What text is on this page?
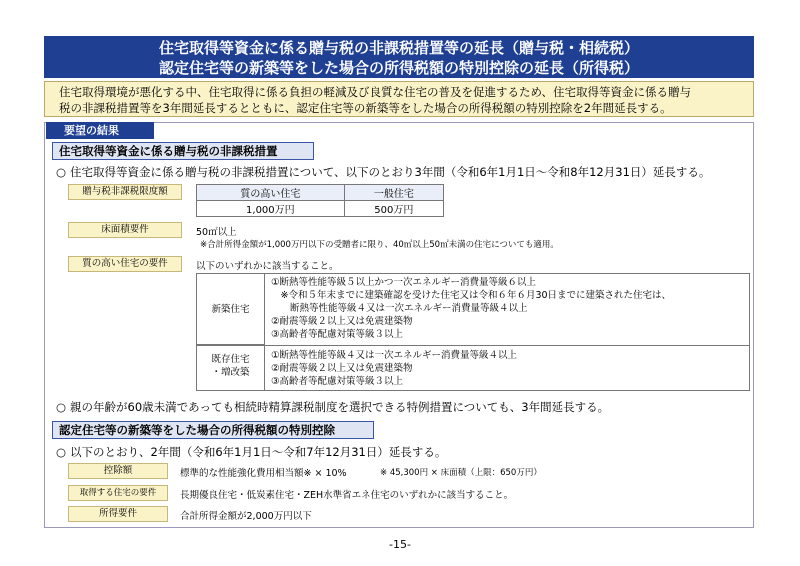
住宅取得等資金に係る贈与税の非課税措置等の延長（贈与税・相続税）
認定住宅等の新築等をした場合の所得税額の特別控除の延長（所得税）
住宅取得環境が悪化する中、住宅取得に係る負担の軽減及び良質な住宅の普及を促進するため、住宅取得等資金に係る贈与
税の非課税措置等を3年間延長するとともに、認定住宅等の新築等をした場合の所得税額の特別控除を2年間延長する。
要望の結果
住宅取得等資金に係る贈与税の非課税措置
○ 住宅取得等資金に係る贈与税の非課税措置について、以下のとおり3年間（令和6年1月1日～令和8年12月31日）延長する。
贈与税非課税限度額	質の高い住宅	一般住宅
1,000万円	500万円
床面積要件	50㎡以上
※合計所得金額が1,000万円以下の受贈者に限り、40㎡以上50㎡未満の住宅についても適用。
質の高い住宅の要件	以下のいずれかに該当すること。
新築住宅
①断熱等性能等級５以上かつ一次エネルギー消費量等級６以上
　※令和５年末までに建築確認を受けた住宅又は令和６年６月30日までに建築された住宅は、
　　断熱等性能等級４又は一次エネルギー消費量等級４以上
②耐震等級２以上又は免震建築物
③高齢者等配慮対策等級３以上
既存住宅
・増改築
①断熱等性能等級４又は一次エネルギー消費量等級４以上
②耐震等級２以上又は免震建築物
③高齢者等配慮対策等級３以上
○ 親の年齢が60歳未満であっても相続時精算課税制度を選択できる特例措置についても、3年間延長する。
認定住宅等の新築等をした場合の所得税額の特別控除
○ 以下のとおり、2年間（令和6年1月1日～令和7年12月31日）延長する。
控除額	標準的な性能強化費用相当額※ × 10%	※ 45,300円 × 床面積（上限：650万円）
取得する住宅の要件	長期優良住宅・低炭素住宅・ZEH水準省エネ住宅のいずれかに該当すること。
所得要件	合計所得金額が2,000万円以下
-15-
